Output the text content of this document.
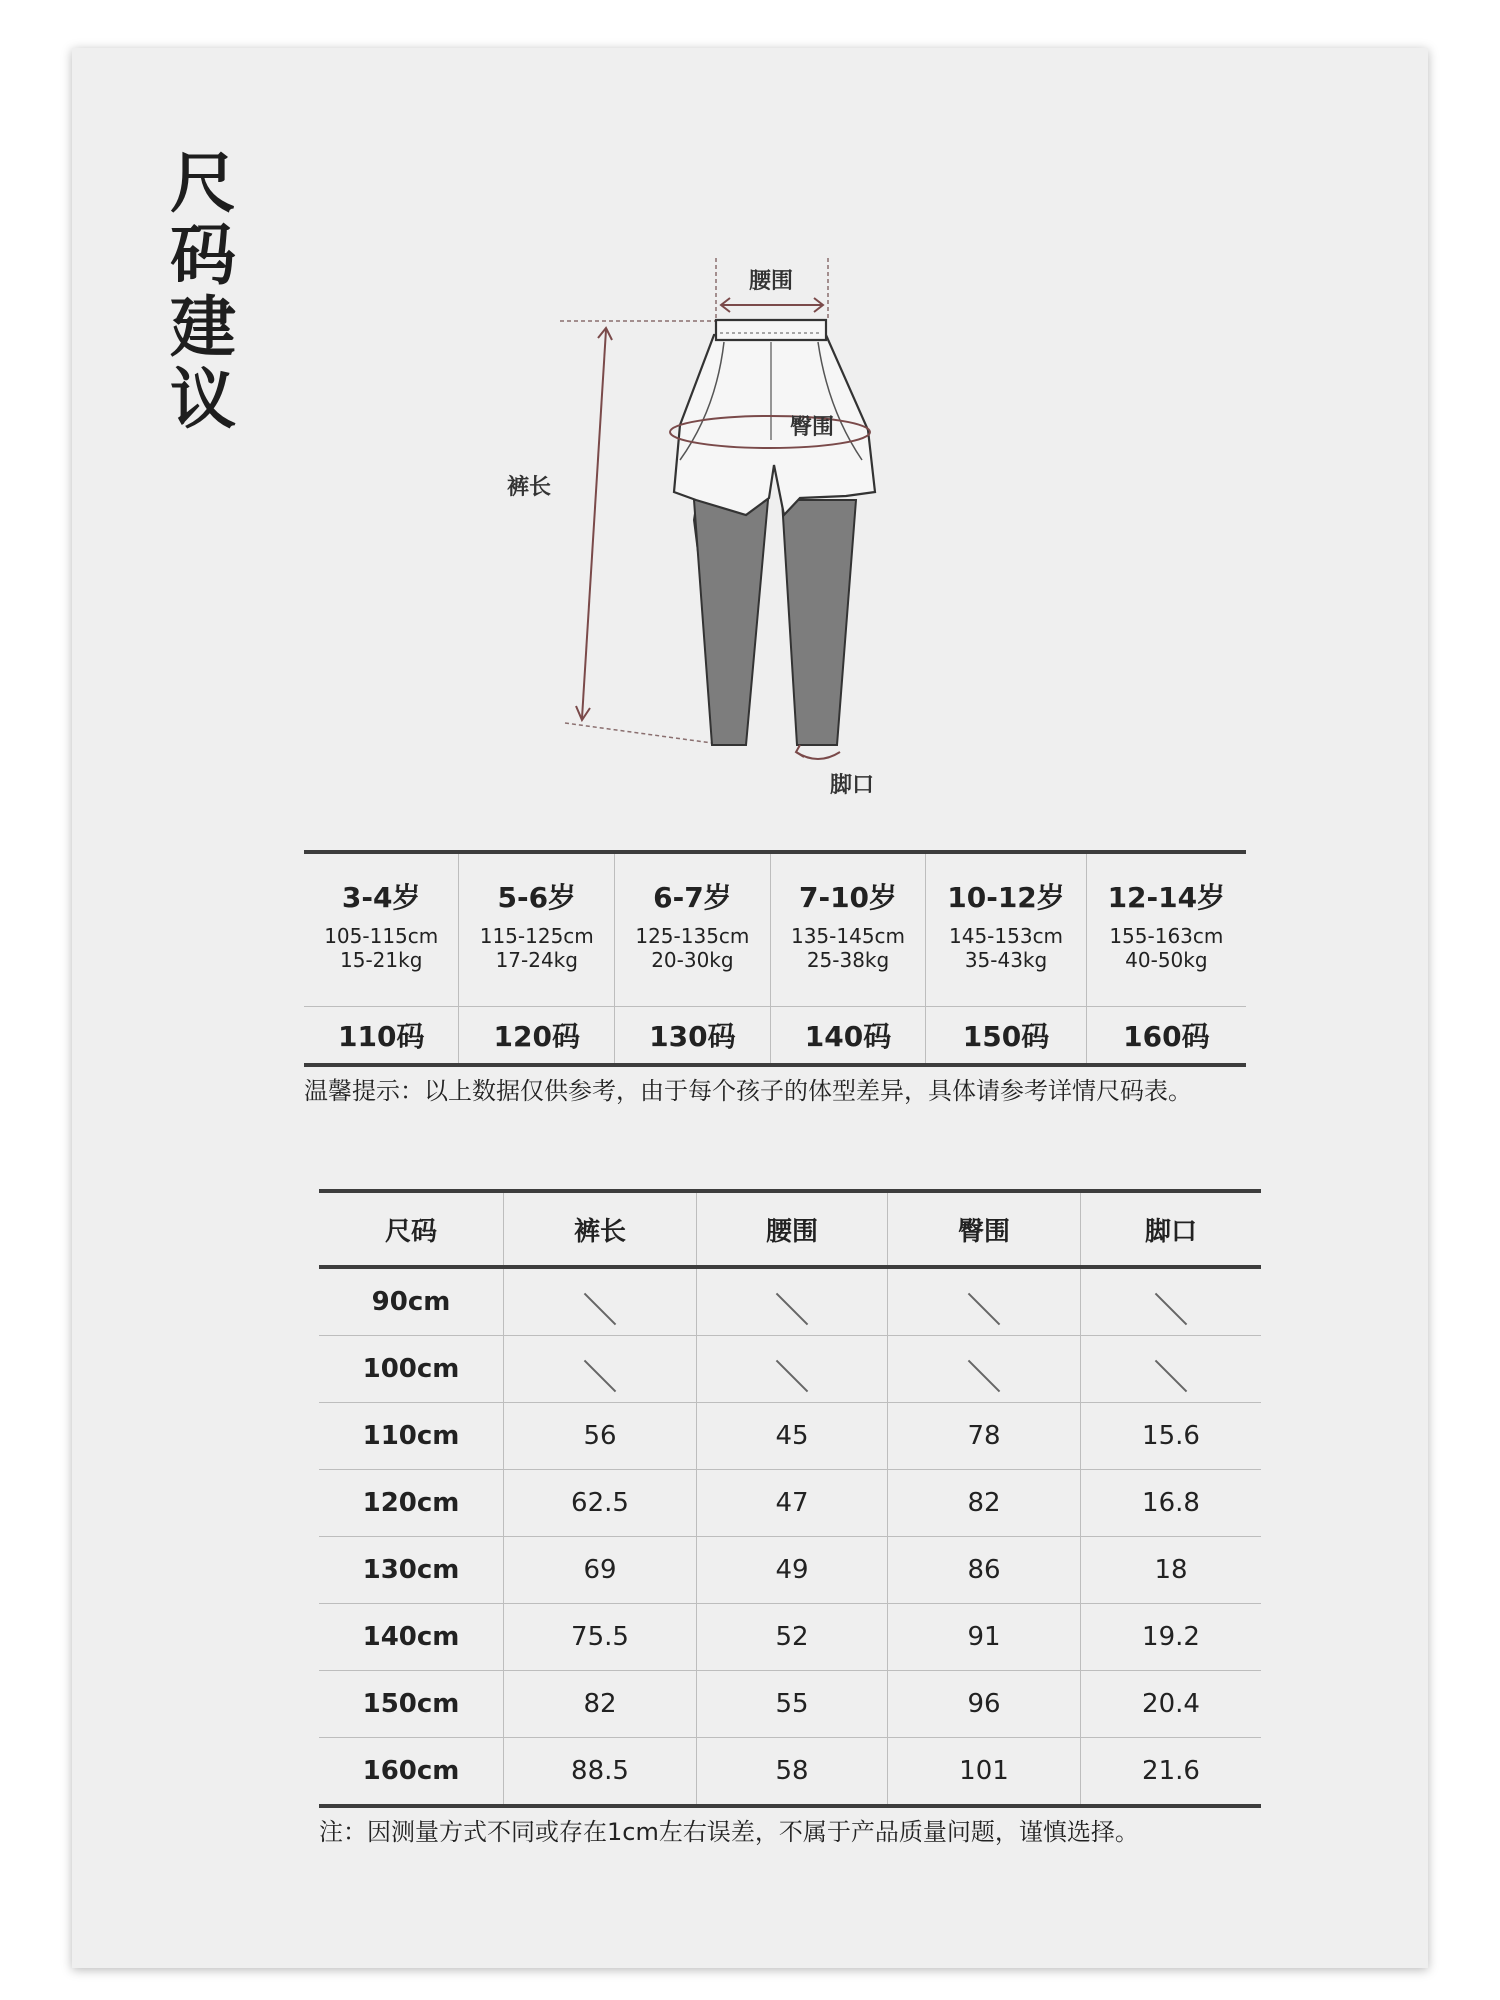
尺
码
建
议
腰围
臀围
裤长
脚口
3-4岁
105-115cm
15-21kg	5-6岁
115-125cm
17-24kg	6-7岁
125-135cm
20-30kg	7-10岁
135-145cm
25-38kg	10-12岁
145-153cm
35-43kg	12-14岁
155-163cm
40-50kg

110码	120码	130码	140码	150码	160码
温馨提示：以上数据仅供参考，由于每个孩子的体型差异，具体请参考详情尺码表。
尺码	裤长	腰围	臀围	脚口
90cm				
100cm				
110cm	56	45	78	15.6
120cm	62.5	47	82	16.8
130cm	69	49	86	18
140cm	75.5	52	91	19.2
150cm	82	55	96	20.4
160cm	88.5	58	101	21.6
注：因测量方式不同或存在1cm左右误差，不属于产品质量问题，谨慎选择。
